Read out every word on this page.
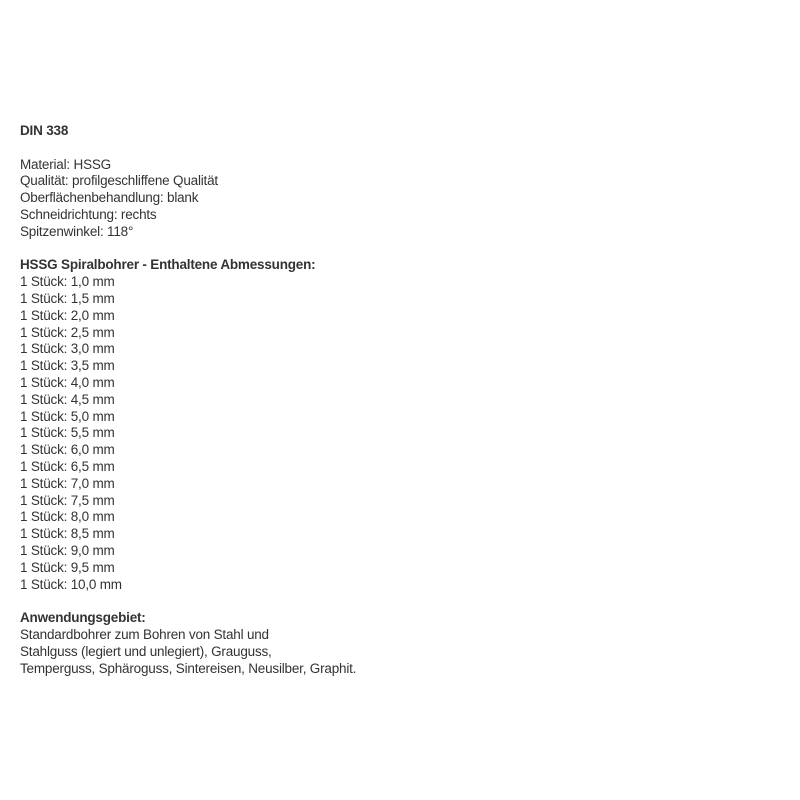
DIN 338
Material: HSSG
Qualität: profilgeschliffene Qualität
Oberflächenbehandlung: blank
Schneidrichtung: rechts
Spitzenwinkel: 118°
HSSG Spiralbohrer - Enthaltene Abmessungen:
1 Stück: 1,0 mm
1 Stück: 1,5 mm
1 Stück: 2,0 mm
1 Stück: 2,5 mm
1 Stück: 3,0 mm
1 Stück: 3,5 mm
1 Stück: 4,0 mm
1 Stück: 4,5 mm
1 Stück: 5,0 mm
1 Stück: 5,5 mm
1 Stück: 6,0 mm
1 Stück: 6,5 mm
1 Stück: 7,0 mm
1 Stück: 7,5 mm
1 Stück: 8,0 mm
1 Stück: 8,5 mm
1 Stück: 9,0 mm
1 Stück: 9,5 mm
1 Stück: 10,0 mm
Anwendungsgebiet:
Standardbohrer zum Bohren von Stahl und
Stahlguss (legiert und unlegiert), Grauguss,
Temperguss, Sphäroguss, Sintereisen, Neusilber, Graphit.
